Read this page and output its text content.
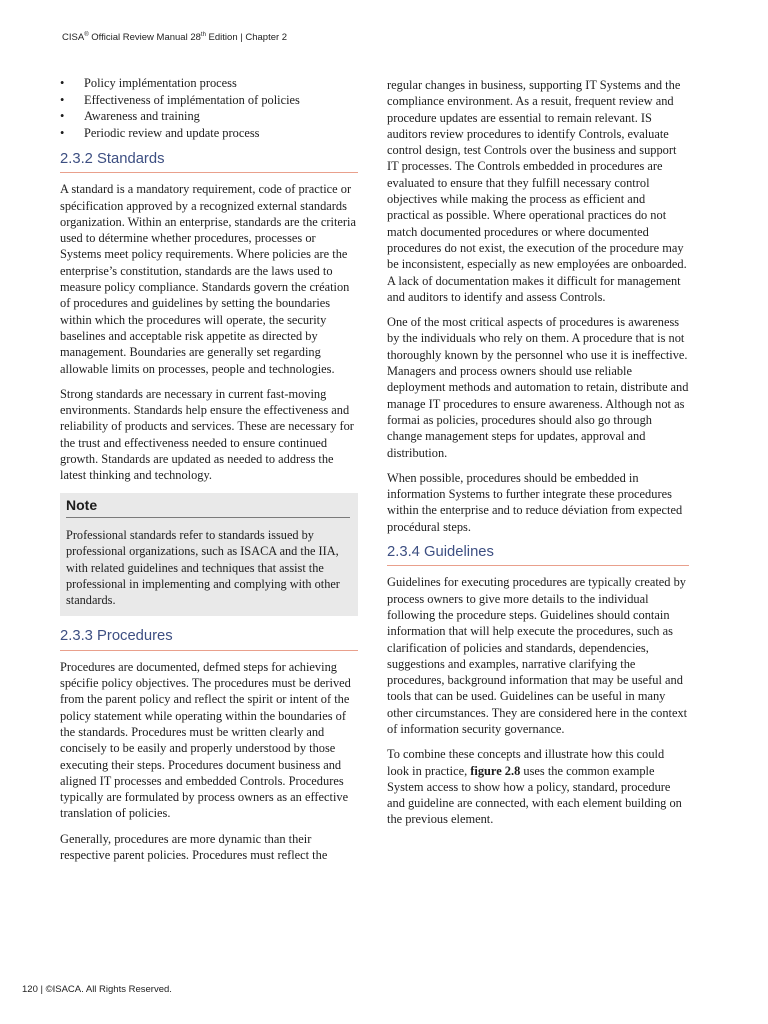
CISA® Official Review Manual 28th Edition | Chapter 2
• Policy implémentation process
• Effectiveness of implémentation of policies
• Awareness and training
• Periodic review and update process
2.3.2 Standards

A standard is a mandatory requirement, code of practice or spécification approved by a recognized external standards organization. Within an enterprise, standards are the criteria used to détermine whether procedures, processes or Systems meet policy requirements. Where policies are the enterprise’s constitution, standards are the laws used to measure policy compliance. Standards govern the création of procedures and guidelines by setting the boundaries within which the procedures will operate, the security baselines and acceptable risk appetite as directed by management. Boundaries are generally set regarding allowable limits on processes, people and technologies.

Strong standards are necessary in current fast-moving environments. Standards help ensure the effectiveness and reliability of products and services. These are necessary for the trust and effectiveness needed to ensure continued growth. Standards are updated as needed to address the latest thinking and technology.

Note
Professional standards refer to standards issued by professional organizations, such as ISACA and the IIA, with related guidelines and techniques that assist the professional in implementing and complying with other standards.
2.3.3 Procedures

Procedures are documented, defmed steps for achieving spécifie policy objectives. The procedures must be derived from the parent policy and reflect the spirit or intent of the policy statement while operating within the boundaries of the standards. Procedures must be written clearly and concisely to be easily and properly understood by those executing their steps. Procedures document business and aligned IT processes and embedded Controls. Procedures typically are formulated by process owners as an effective translation of policies.

Generally, procedures are more dynamic than their respective parent policies. Procedures must reflect the

regular changes in business, supporting IT Systems and the compliance environment. As a resuit, frequent review and procedure updates are essential to remain relevant. IS auditors review procedures to identify Controls, evaluate control design, test Controls over the business and support IT processes. The Controls embedded in procedures are evaluated to ensure that they fulfill necessary control objectives while making the process as efficient and practical as possible. Where operational practices do not match documented procedures or where documented procedures do not exist, the execution of the procedure may be inconsistent, especially as new employées are onboarded. A lack of documentation makes it difficult for management and auditors to identify and assess Controls.

One of the most critical aspects of procedures is awareness by the individuals who rely on them. A procedure that is not thoroughly known by the personnel who use it is ineffective. Managers and process owners should use reliable deployment methods and automation to retain, distribute and manage IT procedures to ensure awareness. Although not as formai as policies, procedures should also go through change management steps for updates, approval and distribution.

When possible, procedures should be embedded in information Systems to further integrate these procedures within the enterprise and to reduce déviation from expected procédural steps.

2.3.4 Guidelines

Guidelines for executing procedures are typically created by process owners to give more details to the individual following the procedure steps. Guidelines should contain information that will help execute the procedures, such as clarification of policies and standards, dependencies, suggestions and examples, narrative clarifying the procedures, background information that may be useful and tools that can be used. Guidelines can be useful in many other circumstances. They are considered here in the context of information security governance.

To combine these concepts and illustrate how this could look in practice, figure 2.8 uses the common example System access to show how a policy, standard, procedure and guideline are connected, with each element building on the previous element.

120 | ©ISACA. All Rights Reserved.
